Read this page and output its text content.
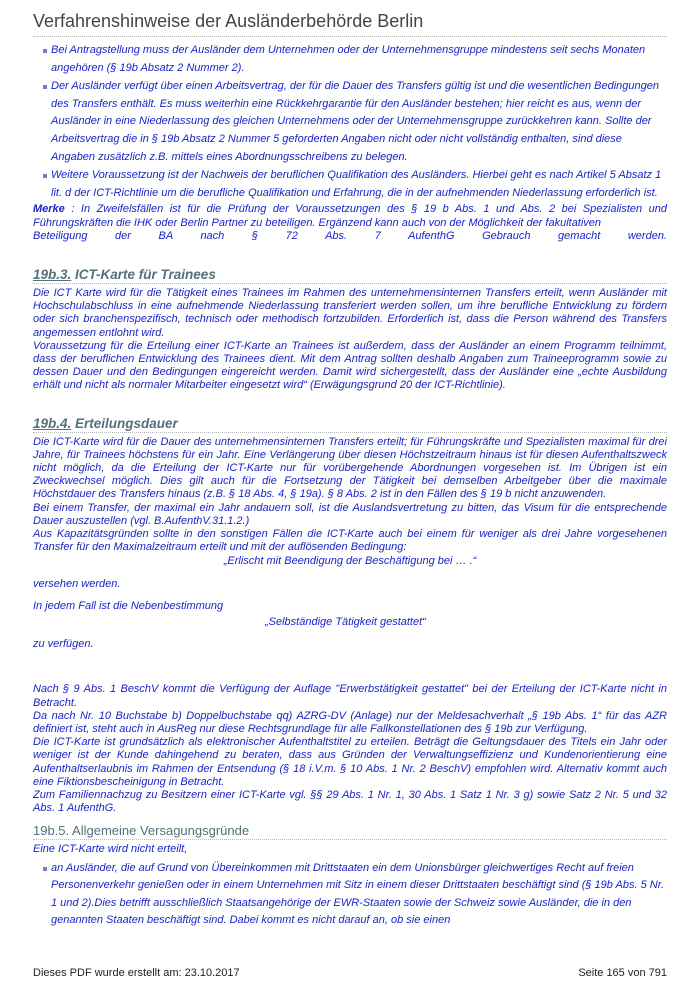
Verfahrenshinweise der Ausländerbehörde Berlin
Bei Antragstellung muss der Ausländer dem Unternehmen oder der Unternehmensgruppe mindestens seit sechs Monaten angehören (§ 19b Absatz 2 Nummer 2).
Der Ausländer verfügt über einen Arbeitsvertrag, der für die Dauer des Transfers gültig ist und die wesentlichen Bedingungen des Transfers enthält. Es muss weiterhin eine Rückkehrgarantie für den Ausländer bestehen; hier reicht es aus, wenn der Ausländer in eine Niederlassung des gleichen Unternehmens oder der Unternehmensgruppe zurückkehren kann. Sollte der Arbeitsvertrag die in § 19b Absatz 2 Nummer 5 geforderten Angaben nicht oder nicht vollständig enthalten, sind diese Angaben zusätzlich z.B. mittels eines Abordnungsschreibens zu belegen.
Weitere Voraussetzung ist der Nachweis der beruflichen Qualifikation des Ausländers. Hierbei geht es nach Artikel 5 Absatz 1 lit. d der ICT-Richtlinie um die berufliche Qualifikation und Erfahrung, die in der aufnehmenden Niederlassung erforderlich ist.

Merke : In Zweifelsfällen ist für die Prüfung der Voraussetzungen des § 19 b Abs. 1 und Abs. 2 bei Spezialisten und Führungskräften die IHK oder Berlin Partner zu beteiligen. Ergänzend kann auch von der Möglichkeit der fakultativen

Beteiligung der BA nach § 72 Abs. 7 AufenthG Gebrauch gemacht werden.

19b.3. ICT-Karte für Trainees

Die ICT Karte wird für die Tätigkeit eines Trainees im Rahmen des unternehmensinternen Transfers erteilt, wenn Ausländer mit Hochschulabschluss in eine aufnehmende Niederlassung transferiert werden sollen, um ihre berufliche Entwicklung zu fördern oder sich branchenspezifisch, technisch oder methodisch fortzubilden. Erforderlich ist, dass die Person während des Transfers angemessen entlohnt wird.

Voraussetzung für die Erteilung einer ICT-Karte an Trainees ist außerdem, dass der Ausländer an einem Programm teilnimmt, dass der beruflichen Entwicklung des Trainees dient. Mit dem Antrag sollten deshalb Angaben zum Traineeprogramm sowie zu dessen Dauer und den Bedingungen eingereicht werden. Damit wird sichergestellt, dass der Ausländer eine „echte Ausbildung erhält und nicht als normaler Mitarbeiter eingesetzt wird“ (Erwägungsgrund 20 der ICT-Richtlinie).

19b.4. Erteilungsdauer

Die ICT-Karte wird für die Dauer des unternehmensinternen Transfers erteilt; für Führungskräfte und Spezialisten maximal für drei Jahre, für Trainees höchstens für ein Jahr. Eine Verlängerung über diesen Höchstzeitraum hinaus ist für diesen Aufenthaltszweck nicht möglich, da die Erteilung der ICT-Karte nur für vorübergehende Abordnungen vorgesehen ist. Im Übrigen ist ein Zweckwechsel möglich. Dies gilt auch für die Fortsetzung der Tätigkeit bei demselben Arbeitgeber über die maximale Höchstdauer des Transfers hinaus (z.B. § 18 Abs. 4, § 19a). § 8 Abs. 2 ist in den Fällen des § 19 b nicht anzuwenden.

Bei einem Transfer, der maximal ein Jahr andauern soll, ist die Auslandsvertretung zu bitten, das Visum für die entsprechende Dauer auszustellen (vgl. B.AufenthV.31.1.2.)

Aus Kapazitätsgründen sollte in den sonstigen Fällen die ICT-Karte auch bei einem für weniger als drei Jahre vorgesehenen Transfer für den Maximalzeitraum erteilt und mit der auflösenden Bedingung:

„Erlischt mit Beendigung der Beschäftigung bei … .“

versehen werden.

In jedem Fall ist die Nebenbestimmung

„Selbständige Tätigkeit gestattet“

zu verfügen.

Nach § 9 Abs. 1 BeschV kommt die Verfügung der Auflage "Erwerbstätigkeit gestattet" bei der Erteilung der ICT-Karte nicht in Betracht.

Da nach Nr. 10 Buchstabe b) Doppelbuchstabe qq) AZRG-DV (Anlage) nur der Meldesachverhalt „§ 19b Abs. 1“ für das AZR definiert ist, steht auch in AusReg nur diese Rechtsgrundlage für alle Fallkonstellationen des § 19b zur Verfügung.

Die ICT-Karte ist grundsätzlich als elektronischer Aufenthaltstitel zu erteilen. Beträgt die Geltungsdauer des Titels ein Jahr oder weniger ist der Kunde dahingehend zu beraten, dass aus Gründen der Verwaltungseffizienz und Kundenorientierung eine Aufenthaltserlaubnis im Rahmen der Entsendung (§ 18 i.V.m. § 10 Abs. 1 Nr. 2 BeschV) empfohlen wird. Alternativ kommt auch eine Fiktionsbescheinigung in Betracht.

Zum Familiennachzug zu Besitzern einer ICT-Karte vgl. §§ 29 Abs. 1 Nr. 1, 30 Abs. 1 Satz 1 Nr. 3 g) sowie Satz 2 Nr. 5 und 32 Abs. 1 AufenthG.

19b.5. Allgemeine Versagungsgründe

Eine ICT-Karte wird nicht erteilt,

an Ausländer, die auf Grund von Übereinkommen mit Drittstaaten ein dem Unionsbürger gleichwertiges Recht auf freien Personenverkehr genießen oder in einem Unternehmen mit Sitz in einem dieser Drittstaaten beschäftigt sind (§ 19b Abs. 5 Nr. 1 und 2).Dies betrifft ausschließlich Staatsangehörige der EWR-Staaten sowie der Schweiz sowie Ausländer, die in den genannten Staaten beschäftigt sind. Dabei kommt es nicht darauf an, ob sie einen
Dieses PDF wurde erstellt am: 23.10.2017	Seite 165 von 791
